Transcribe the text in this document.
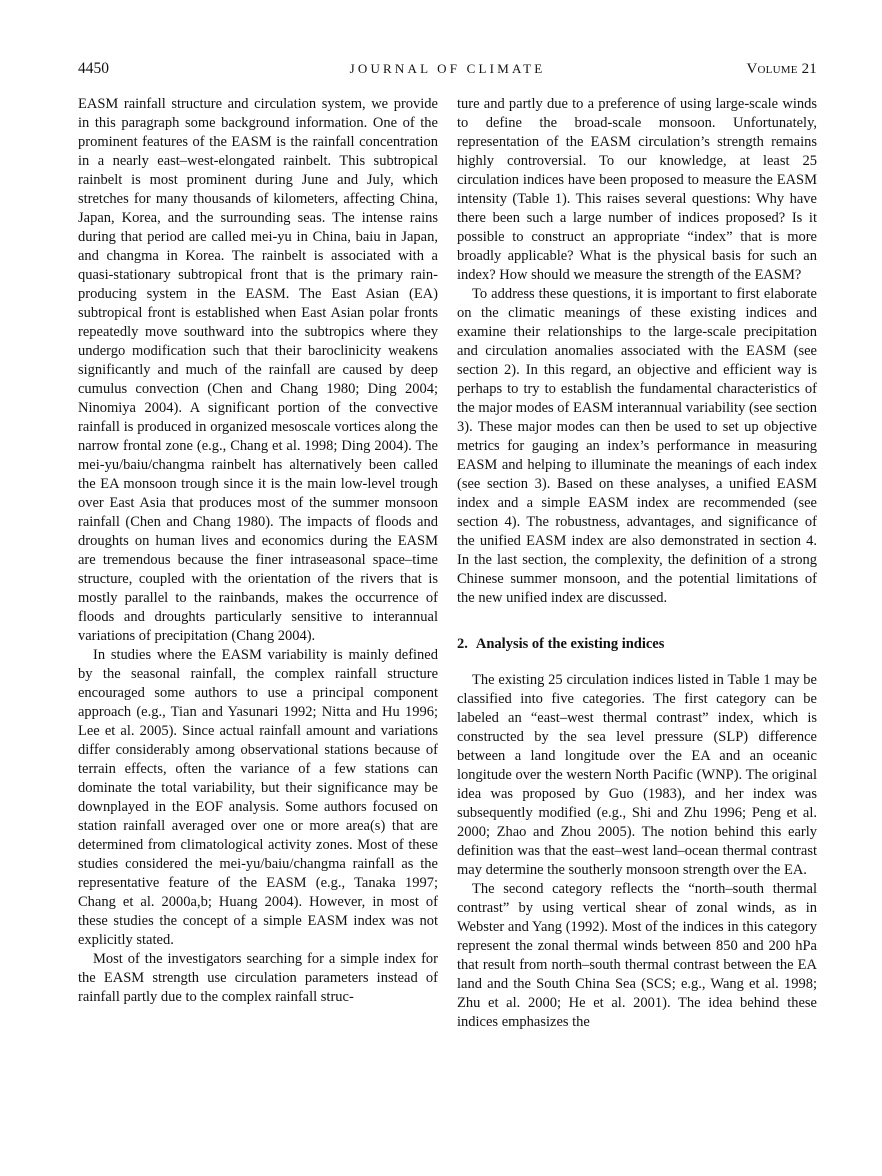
4450	JOURNAL OF CLIMATE	Volume 21

EASM rainfall structure and circulation system, we provide in this paragraph some background information. One of the prominent features of the EASM is the rainfall concentration in a nearly east–west-elongated rainbelt. This subtropical rainbelt is most prominent during June and July, which stretches for many thousands of kilometers, affecting China, Japan, Korea, and the surrounding seas. The intense rains during that period are called mei-yu in China, baiu in Japan, and changma in Korea. The rainbelt is associated with a quasi-stationary subtropical front that is the primary rain-producing system in the EASM. The East Asian (EA) subtropical front is established when East Asian polar fronts repeatedly move southward into the subtropics where they undergo modification such that their baroclinicity weakens significantly and much of the rainfall are caused by deep cumulus convection (Chen and Chang 1980; Ding 2004; Ninomiya 2004). A significant portion of the convective rainfall is produced in organized mesoscale vortices along the narrow frontal zone (e.g., Chang et al. 1998; Ding 2004). The mei-yu/baiu/changma rainbelt has alternatively been called the EA monsoon trough since it is the main low-level trough over East Asia that produces most of the summer monsoon rainfall (Chen and Chang 1980). The impacts of floods and droughts on human lives and economics during the EASM are tremendous because the finer intraseasonal space–time structure, coupled with the orientation of the rivers that is mostly parallel to the rainbands, makes the occurrence of floods and droughts particularly sensitive to interannual variations of precipitation (Chang 2004).

In studies where the EASM variability is mainly defined by the seasonal rainfall, the complex rainfall structure encouraged some authors to use a principal component approach (e.g., Tian and Yasunari 1992; Nitta and Hu 1996; Lee et al. 2005). Since actual rainfall amount and variations differ considerably among observational stations because of terrain effects, often the variance of a few stations can dominate the total variability, but their significance may be downplayed in the EOF analysis. Some authors focused on station rainfall averaged over one or more area(s) that are determined from climatological activity zones. Most of these studies considered the mei-yu/baiu/changma rainfall as the representative feature of the EASM (e.g., Tanaka 1997; Chang et al. 2000a,b; Huang 2004). However, in most of these studies the concept of a simple EASM index was not explicitly stated.

Most of the investigators searching for a simple index for the EASM strength use circulation parameters instead of rainfall partly due to the complex rainfall struc-

ture and partly due to a preference of using large-scale winds to define the broad-scale monsoon. Unfortunately, representation of the EASM circulation’s strength remains highly controversial. To our knowledge, at least 25 circulation indices have been proposed to measure the EASM intensity (Table 1). This raises several questions: Why have there been such a large number of indices proposed? Is it possible to construct an appropriate “index” that is more broadly applicable? What is the physical basis for such an index? How should we measure the strength of the EASM?

To address these questions, it is important to first elaborate on the climatic meanings of these existing indices and examine their relationships to the large-scale precipitation and circulation anomalies associated with the EASM (see section 2). In this regard, an objective and efficient way is perhaps to try to establish the fundamental characteristics of the major modes of EASM interannual variability (see section 3). These major modes can then be used to set up objective metrics for gauging an index’s performance in measuring EASM and helping to illuminate the meanings of each index (see section 3). Based on these analyses, a unified EASM index and a simple EASM index are recommended (see section 4). The robustness, advantages, and significance of the unified EASM index are also demonstrated in section 4. In the last section, the complexity, the definition of a strong Chinese summer monsoon, and the potential limitations of the new unified index are discussed.

2. Analysis of the existing indices

The existing 25 circulation indices listed in Table 1 may be classified into five categories. The first category can be labeled an “east–west thermal contrast” index, which is constructed by the sea level pressure (SLP) difference between a land longitude over the EA and an oceanic longitude over the western North Pacific (WNP). The original idea was proposed by Guo (1983), and her index was subsequently modified (e.g., Shi and Zhu 1996; Peng et al. 2000; Zhao and Zhou 2005). The notion behind this early definition was that the east–west land–ocean thermal contrast may determine the southerly monsoon strength over the EA.

The second category reflects the “north–south thermal contrast” by using vertical shear of zonal winds, as in Webster and Yang (1992). Most of the indices in this category represent the zonal thermal winds between 850 and 200 hPa that result from north–south thermal contrast between the EA land and the South China Sea (SCS; e.g., Wang et al. 1998; Zhu et al. 2000; He et al. 2001). The idea behind these indices emphasizes the
